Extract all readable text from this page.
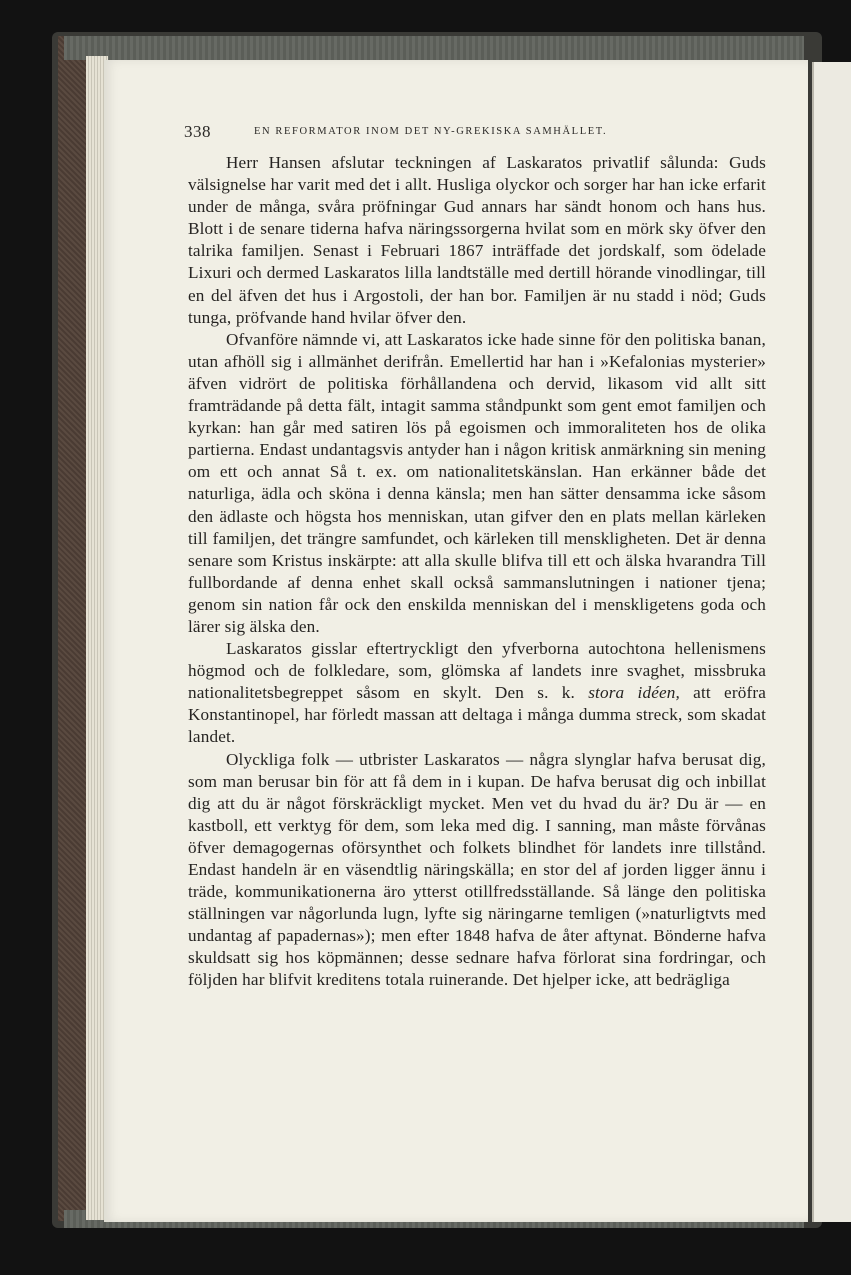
338	EN REFORMATOR INOM DET NY-GREKISKA SAMHÄLLET.

Herr Hansen afslutar teckningen af Laskaratos privatlif sålunda: Guds välsignelse har varit med det i allt. Husliga olyckor och sorger har han icke erfarit under de många, svåra pröfningar Gud annars har sändt honom och hans hus. Blott i de senare tiderna hafva näringssorgerna hvilat som en mörk sky öfver den talrika familjen. Senast i Februari 1867 inträffade det jordskalf, som ödelade Lixuri och dermed Laskaratos lilla landtställe med dertill hörande vinodlingar, till en del äfven det hus i Argostoli, der han bor. Familjen är nu stadd i nöd; Guds tunga, pröfvande hand hvilar öfver den.

Ofvanföre nämnde vi, att Laskaratos icke hade sinne för den politiska banan, utan afhöll sig i allmänhet derifrån. Emellertid har han i »Kefalonias mysterier» äfven vidrört de politiska förhållandena och dervid, likasom vid allt sitt framträdande på detta fält, intagit samma ståndpunkt som gent emot familjen och kyrkan: han går med satiren lös på egoismen och immoraliteten hos de olika partierna. Endast undantagsvis antyder han i någon kritisk anmärkning sin mening om ett och annat Så t. ex. om nationalitetskänslan. Han erkänner både det naturliga, ädla och sköna i denna känsla; men han sätter densamma icke såsom den ädlaste och högsta hos menniskan, utan gifver den en plats mellan kärleken till familjen, det trängre samfundet, och kärleken till menskligheten. Det är denna senare som Kristus inskärpte: att alla skulle blifva till ett och älska hvarandra Till fullbordande af denna enhet skall också sammanslutningen i nationer tjena; genom sin nation får ock den enskilda menniskan del i menskligetens goda och lärer sig älska den.

Laskaratos gisslar eftertryckligt den yfverborna autochtona hellenismens högmod och de folkledare, som, glömska af landets inre svaghet, missbruka nationalitetsbegreppet såsom en skylt. Den s. k. stora idéen, att eröfra Konstantinopel, har förledt massan att deltaga i många dumma streck, som skadat landet.

Olyckliga folk — utbrister Laskaratos — några slynglar hafva berusat dig, som man berusar bin för att få dem in i kupan. De hafva berusat dig och inbillat dig att du är något förskräckligt mycket. Men vet du hvad du är? Du är — en kastboll, ett verktyg för dem, som leka med dig. I sanning, man måste förvånas öfver demagogernas oförsynthet och folkets blindhet för landets inre tillstånd. Endast handeln är en väsendtlig näringskälla; en stor del af jorden ligger ännu i träde, kommunikationerna äro ytterst otillfredsställande. Så länge den politiska ställningen var någorlunda lugn, lyfte sig näringarne temligen (»naturligtvts med undantag af papadernas»); men efter 1848 hafva de åter aftynat. Bönderne hafva skuldsatt sig hos köpmännen; desse sednare hafva förlorat sina fordringar, och följden har blifvit kreditens totala ruinerande. Det hjelper icke, att bedrägliga
